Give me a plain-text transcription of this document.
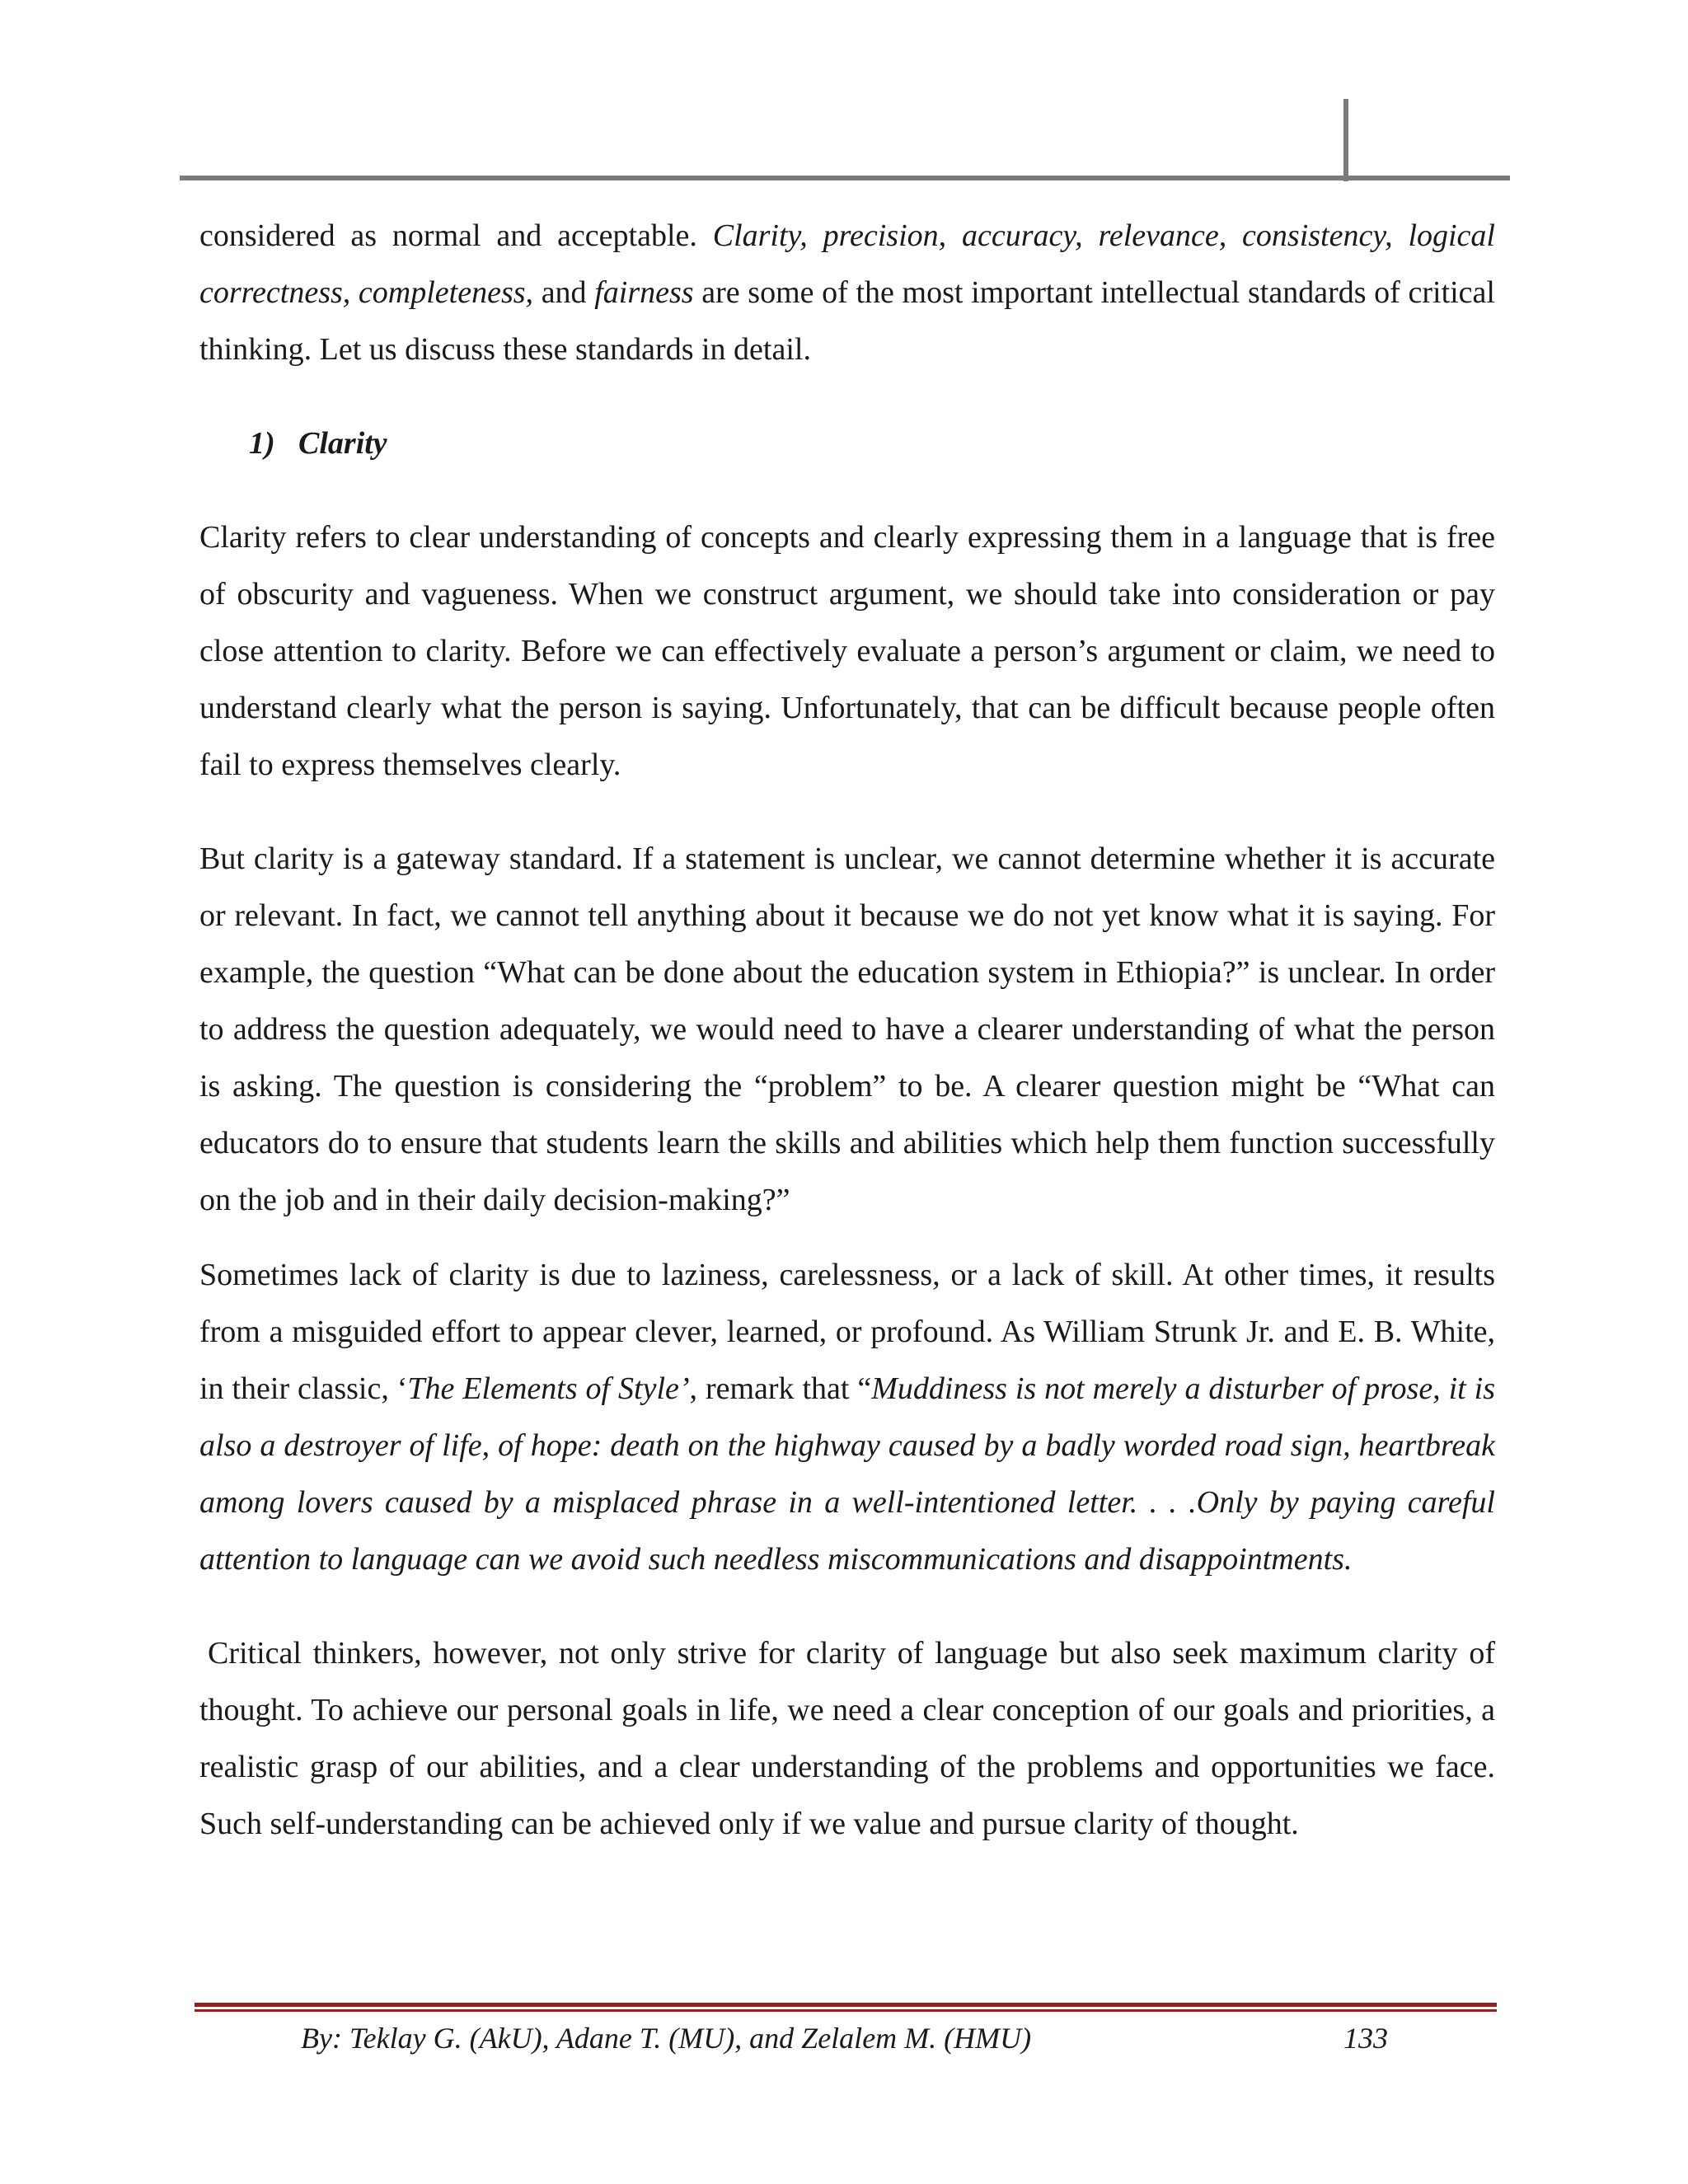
considered as normal and acceptable. Clarity, precision, accuracy, relevance, consistency, logical correctness, completeness, and fairness are some of the most important intellectual standards of critical thinking. Let us discuss these standards in detail.

1) Clarity

Clarity refers to clear understanding of concepts and clearly expressing them in a language that is free of obscurity and vagueness. When we construct argument, we should take into consideration or pay close attention to clarity. Before we can effectively evaluate a person’s argument or claim, we need to understand clearly what the person is saying. Unfortunately, that can be difficult because people often fail to express themselves clearly.

But clarity is a gateway standard. If a statement is unclear, we cannot determine whether it is accurate or relevant. In fact, we cannot tell anything about it because we do not yet know what it is saying. For example, the question “What can be done about the education system in Ethiopia?” is unclear. In order to address the question adequately, we would need to have a clearer understanding of what the person is asking. The question is considering the “problem” to be. A clearer question might be “What can educators do to ensure that students learn the skills and abilities which help them function successfully on the job and in their daily decision-making?”

Sometimes lack of clarity is due to laziness, carelessness, or a lack of skill. At other times, it results from a misguided effort to appear clever, learned, or profound. As William Strunk Jr. and E. B. White, in their classic, ‘The Elements of Style’, remark that “Muddiness is not merely a disturber of prose, it is also a destroyer of life, of hope: death on the highway caused by a badly worded road sign, heartbreak among lovers caused by a misplaced phrase in a well-intentioned letter. . . .Only by paying careful attention to language can we avoid such needless miscommunications and disappointments.

Critical thinkers, however, not only strive for clarity of language but also seek maximum clarity of thought. To achieve our personal goals in life, we need a clear conception of our goals and priorities, a realistic grasp of our abilities, and a clear understanding of the problems and opportunities we face. Such self-understanding can be achieved only if we value and pursue clarity of thought.

By: Teklay G. (AkU), Adane T. (MU), and Zelalem M. (HMU)	133
